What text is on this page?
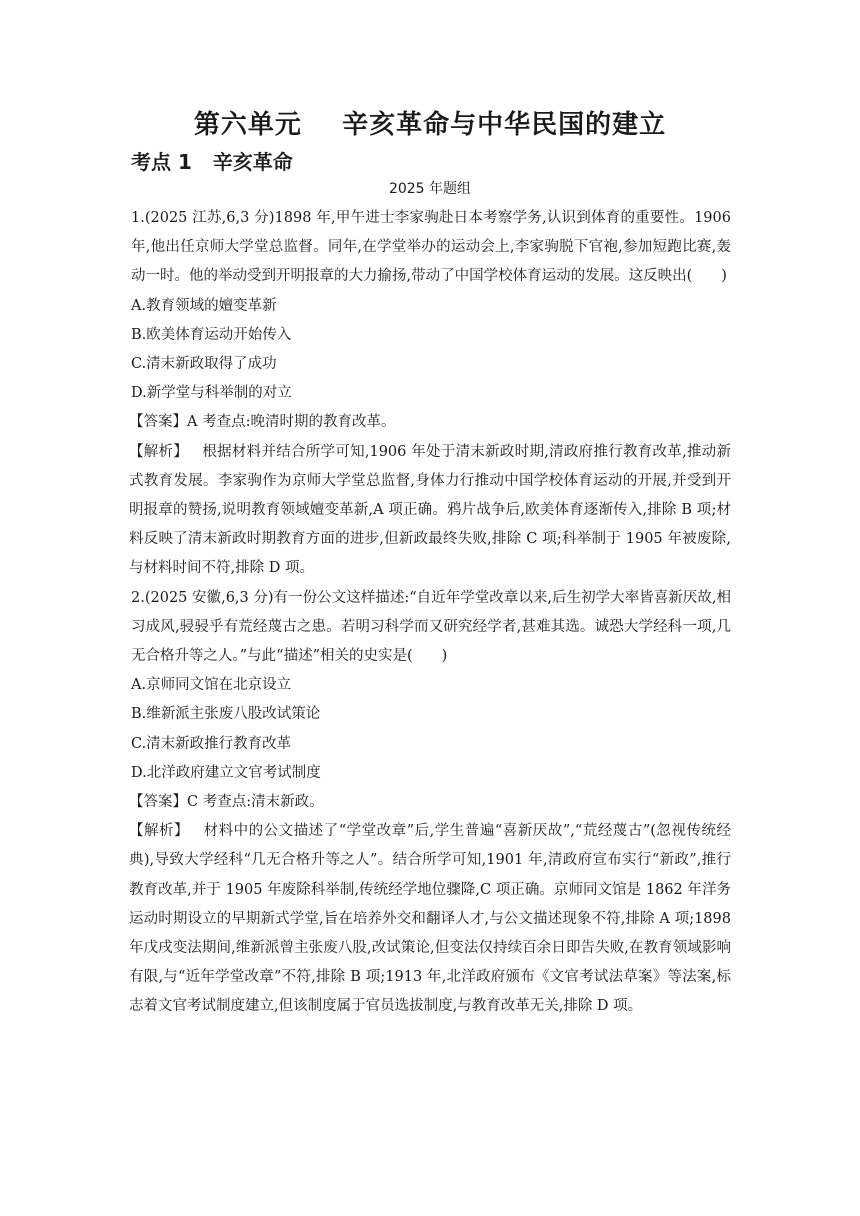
第六单元    辛亥革命与中华民国的建立
考点 1   辛亥革命
2025 年题组

1.(2025 江苏,6,3 分)1898 年,甲午进士李家驹赴日本考察学务,认识到体育的重要性。1906 年,他出任京师大学堂总监督。同年,在学堂举办的运动会上,李家驹脱下官袍,参加短跑比赛,轰动一时。他的举动受到开明报章的大力揄扬,带动了中国学校体育运动的发展。这反映出(　　)

A.教育领域的嬗变革新

B.欧美体育运动开始传入

C.清末新政取得了成功

D.新学堂与科举制的对立

【答案】A 考查点:晚清时期的教育改革。

【解析】 根据材料并结合所学可知,1906 年处于清末新政时期,清政府推行教育改革,推动新式教育发展。李家驹作为京师大学堂总监督,身体力行推动中国学校体育运动的开展,并受到开明报章的赞扬,说明教育领域嬗变革新,A 项正确。鸦片战争后,欧美体育逐渐传入,排除 B 项;材料反映了清末新政时期教育方面的进步,但新政最终失败,排除 C 项;科举制于 1905 年被废除,与材料时间不符,排除 D 项。

2.(2025 安徽,6,3 分)有一份公文这样描述:“自近年学堂改章以来,后生初学大率皆喜新厌故,相习成风,骎骎乎有荒经蔑古之患。若明习科学而又研究经学者,甚难其选。诚恐大学经科一项,几无合格升等之人。”与此“描述”相关的史实是(　　)

A.京师同文馆在北京设立

B.维新派主张废八股改试策论

C.清末新政推行教育改革

D.北洋政府建立文官考试制度

【答案】C 考查点:清末新政。

【解析】 材料中的公文描述了“学堂改章”后,学生普遍“喜新厌故”,“荒经蔑古”(忽视传统经典),导致大学经科“几无合格升等之人”。结合所学可知,1901 年,清政府宣布实行“新政”,推行教育改革,并于 1905 年废除科举制,传统经学地位骤降,C 项正确。京师同文馆是 1862 年洋务运动时期设立的早期新式学堂,旨在培养外交和翻译人才,与公文描述现象不符,排除 A 项;1898 年戊戌变法期间,维新派曾主张废八股,改试策论,但变法仅持续百余日即告失败,在教育领域影响有限,与“近年学堂改章”不符,排除 B 项;1913 年,北洋政府颁布《文官考试法草案》等法案,标志着文官考试制度建立,但该制度属于官员选拔制度,与教育改革无关,排除 D 项。
